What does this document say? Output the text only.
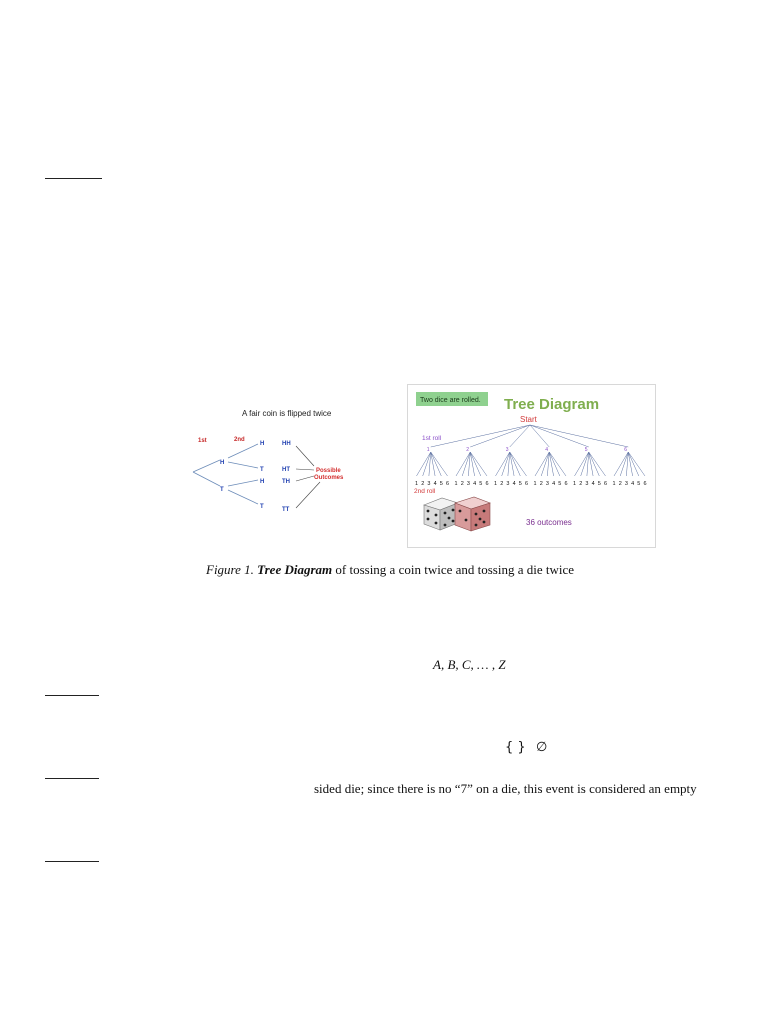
A fair coin is flipped twice
1st	2nd
H
T
H
T
H
T
HH
HT
TH
TT
Possible
Outcomes
Two dice are rolled. Tree Diagram
Start
1st roll
1	2	3	4	5	6
1 2 3 4 5 6 1 2 3 4 5 6 1 2 3 4 5 6 1 2 3 4 5 6 1 2 3 4 5 6 1 2 3 4 5 6
2nd roll
36 outcomes
Figure 1. Tree Diagram of tossing a coin twice and tossing a die twice
A, B, C, … , Z
{ } ∅
sided die; since there is no “7” on a die, this event is considered an empty
